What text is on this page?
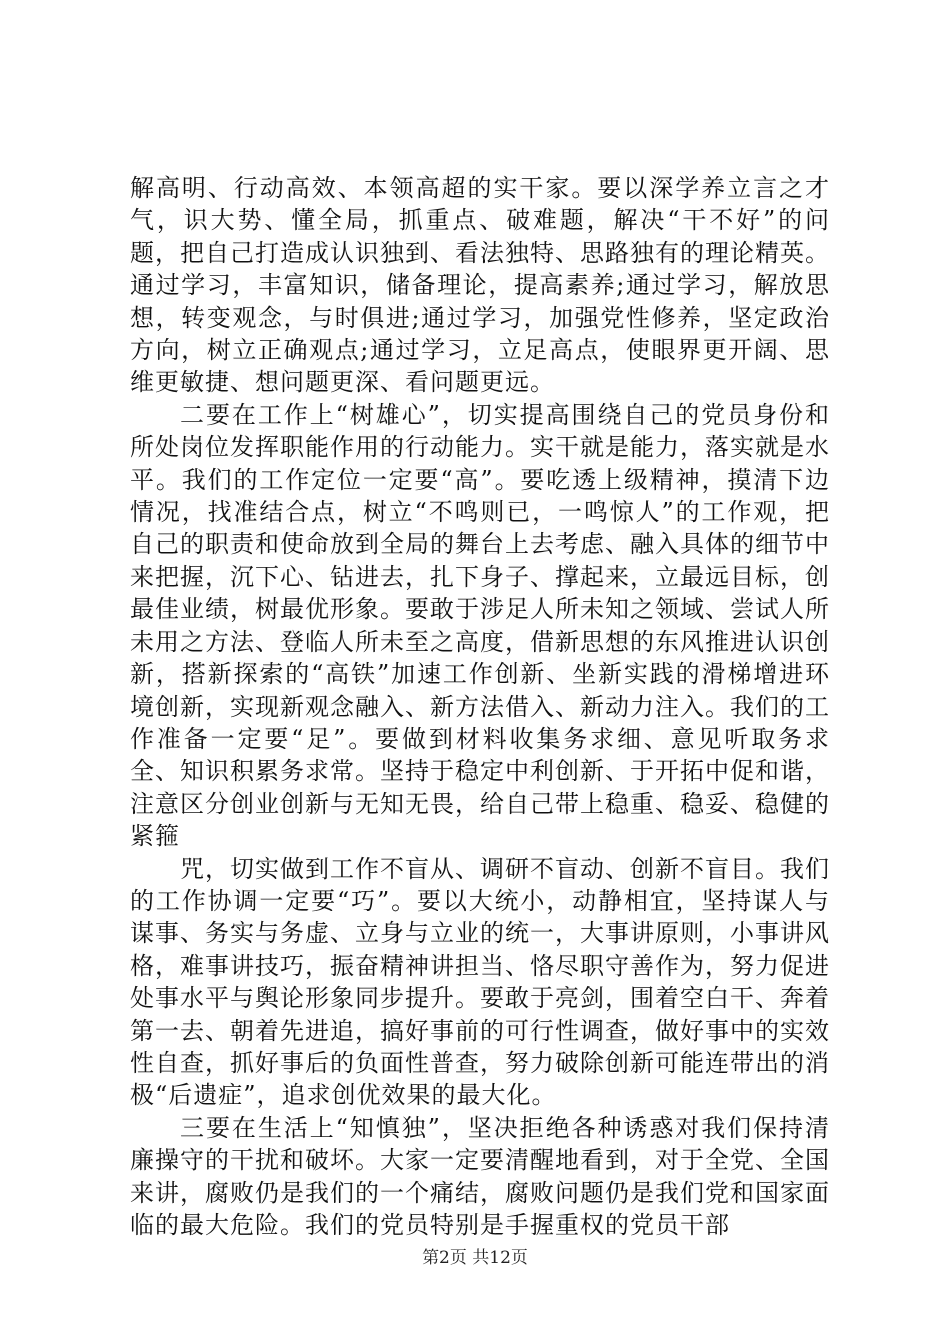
解高明、行动高效、本领高超的实干家。要以深学养立言之才气，识大势、懂全局，抓重点、破难题，解决“干不好”的问题，把自己打造成认识独到、看法独特、思路独有的理论精英。通过学习，丰富知识，储备理论，提高素养;通过学习，解放思想，转变观念，与时俱进;通过学习，加强党性修养，坚定政治方向，树立正确观点;通过学习，立足高点，使眼界更开阔、思维更敏捷、想问题更深、看问题更远。

二要在工作上“树雄心”，切实提高围绕自己的党员身份和所处岗位发挥职能作用的行动能力。实干就是能力，落实就是水平。我们的工作定位一定要“高”。要吃透上级精神，摸清下边情况，找准结合点，树立“不鸣则已，一鸣惊人”的工作观，把自己的职责和使命放到全局的舞台上去考虑、融入具体的细节中来把握，沉下心、钻进去，扎下身子、撑起来，立最远目标，创最佳业绩，树最优形象。要敢于涉足人所未知之领域、尝试人所未用之方法、登临人所未至之高度，借新思想的东风推进认识创新，搭新探索的“高铁”加速工作创新、坐新实践的滑梯增进环境创新，实现新观念融入、新方法借入、新动力注入。我们的工作准备一定要“足”。要做到材料收集务求细、意见听取务求全、知识积累务求常。坚持于稳定中利创新、于开拓中促和谐，注意区分创业创新与无知无畏，给自己带上稳重、稳妥、稳健的紧箍

咒，切实做到工作不盲从、调研不盲动、创新不盲目。我们的工作协调一定要“巧”。要以大统小，动静相宜，坚持谋人与谋事、务实与务虚、立身与立业的统一，大事讲原则，小事讲风格，难事讲技巧，振奋精神讲担当、恪尽职守善作为，努力促进处事水平与舆论形象同步提升。要敢于亮剑，围着空白干、奔着第一去、朝着先进追，搞好事前的可行性调查，做好事中的实效性自查，抓好事后的负面性普查，努力破除创新可能连带出的消极“后遗症”，追求创优效果的最大化。

三要在生活上“知慎独”，坚决拒绝各种诱惑对我们保持清廉操守的干扰和破坏。大家一定要清醒地看到，对于全党、全国来讲，腐败仍是我们的一个痛结，腐败问题仍是我们党和国家面临的最大危险。我们的党员特别是手握重权的党员干部

第2页 共12页
